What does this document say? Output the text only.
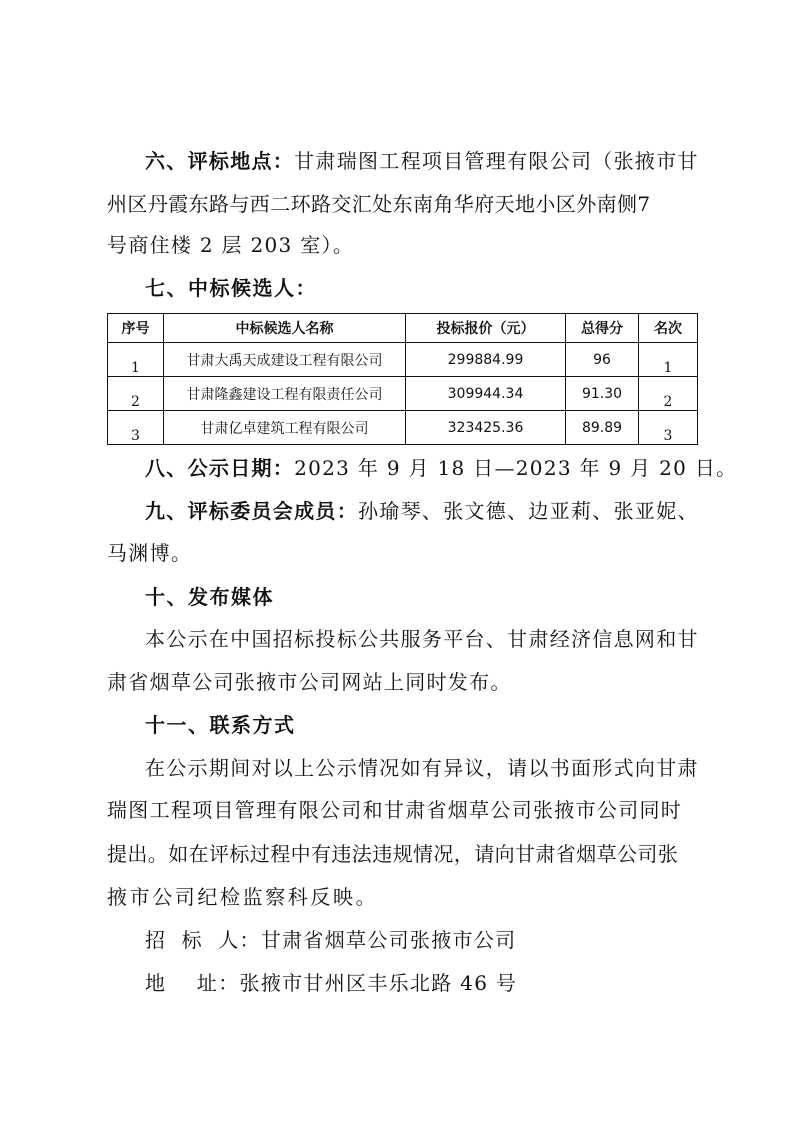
六、评标地点：甘肃瑞图工程项目管理有限公司（张掖市甘
州区丹霞东路与西二环路交汇处东南角华府天地小区外南侧7
号商住楼 2 层 203 室）。
七、中标候选人：
序号	中标候选人名称	投标报价（元）	总得分	名次
1	甘肃大禹天成建设工程有限公司	299884.99	96	1
2	甘肃隆鑫建设工程有限责任公司	309944.34	91.30	2
3	甘肃亿卓建筑工程有限公司	323425.36	89.89	3
八、公示日期：2023 年 9 月 18 日—2023 年 9 月 20 日。
九、评标委员会成员：孙瑜琴、张文德、边亚莉、张亚妮、
马渊博。
十、发布媒体
本公示在中国招标投标公共服务平台、甘肃经济信息网和甘
肃省烟草公司张掖市公司网站上同时发布。
十一、联系方式
在公示期间对以上公示情况如有异议，请以书面形式向甘肃
瑞图工程项目管理有限公司和甘肃省烟草公司张掖市公司同时
提出。如在评标过程中有违法违规情况，请向甘肃省烟草公司张
掖市公司纪检监察科反映。
招  标  人：甘肃省烟草公司张掖市公司
地    址：张掖市甘州区丰乐北路 46 号
